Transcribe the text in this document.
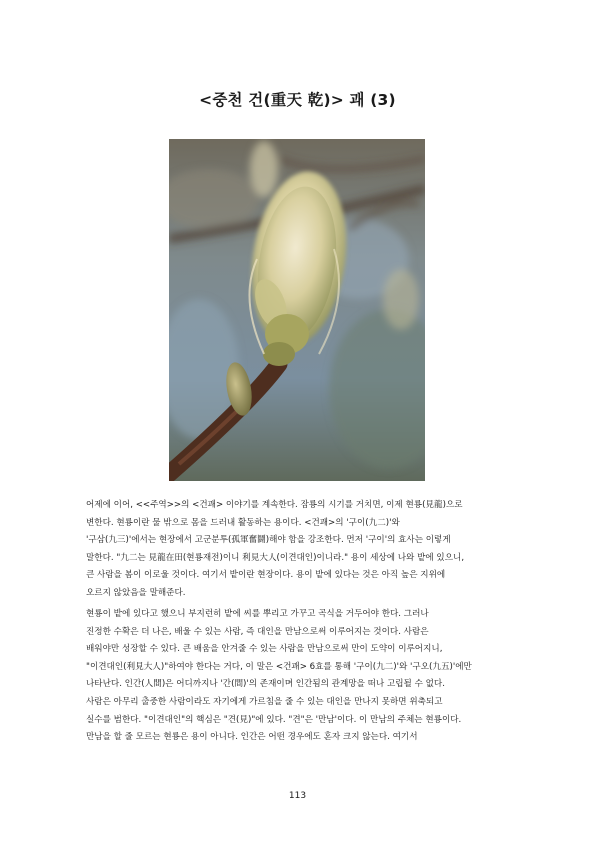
<중천 건(重天 乾)> 괘 (3)
어제에 이어, <<주역>>의 <건괘> 이야기를 계속한다. 잠룡의 시기를 거치면, 이제 현룡(見龍)으로
변한다. 현룡이란 물 밖으로 몸을 드러내 활동하는 용이다. <건괘>의 '구이(九二)'와
'구삼(九三)'에서는 현장에서 고군분투(孤軍奮鬪)해야 함을 강조한다. 먼저 '구이'의 효사는 이렇게
말한다. "九二는 見龍在田(현룡재전)이니 利見大人(이견대인)이니라." 용이 세상에 나와 밭에 있으니,
큰 사람을 봄이 이로울 것이다. 여기서 밭이란 현장이다. 용이 밭에 있다는 것은 아직 높은 지위에
오르지 않았음을 말해준다.
현룡이 밭에 있다고 했으니 부지런히 밭에 씨를 뿌리고 가꾸고 곡식을 거두어야 한다. 그러나
진정한 수확은 더 나은, 배울 수 있는 사람, 즉 대인을 만남으로써 이루어지는 것이다. 사람은
배워야만 성장할 수 있다. 큰 배움을 안겨줄 수 있는 사람을 만남으로써 만이 도약이 이루어지니,
"이견대인(利見大人)"하여야 한다는 거다, 이 말은 <건괘> 6효를 통해 '구이(九二)'와 '구오(九五)'에만
나타난다. 인간(人間)은 어디까지나 '간(間)'의 존재이며 인간됨의 관계망을 떠나 고립될 수 없다.
사람은 아무리 출중한 사람이라도 자기에게 가르침을 줄 수 있는 대인을 만나지 못하면 위축되고
실수를 범한다. "이견대인"의 핵심은 "견(見)"에 있다. "견"은 '만남'이다. 이 만남의 주체는 현룡이다.
만남을 할 줄 모르는 현룡은 용이 아니다. 인간은 어떤 경우에도 혼자 크지 않는다. 여기서
113
